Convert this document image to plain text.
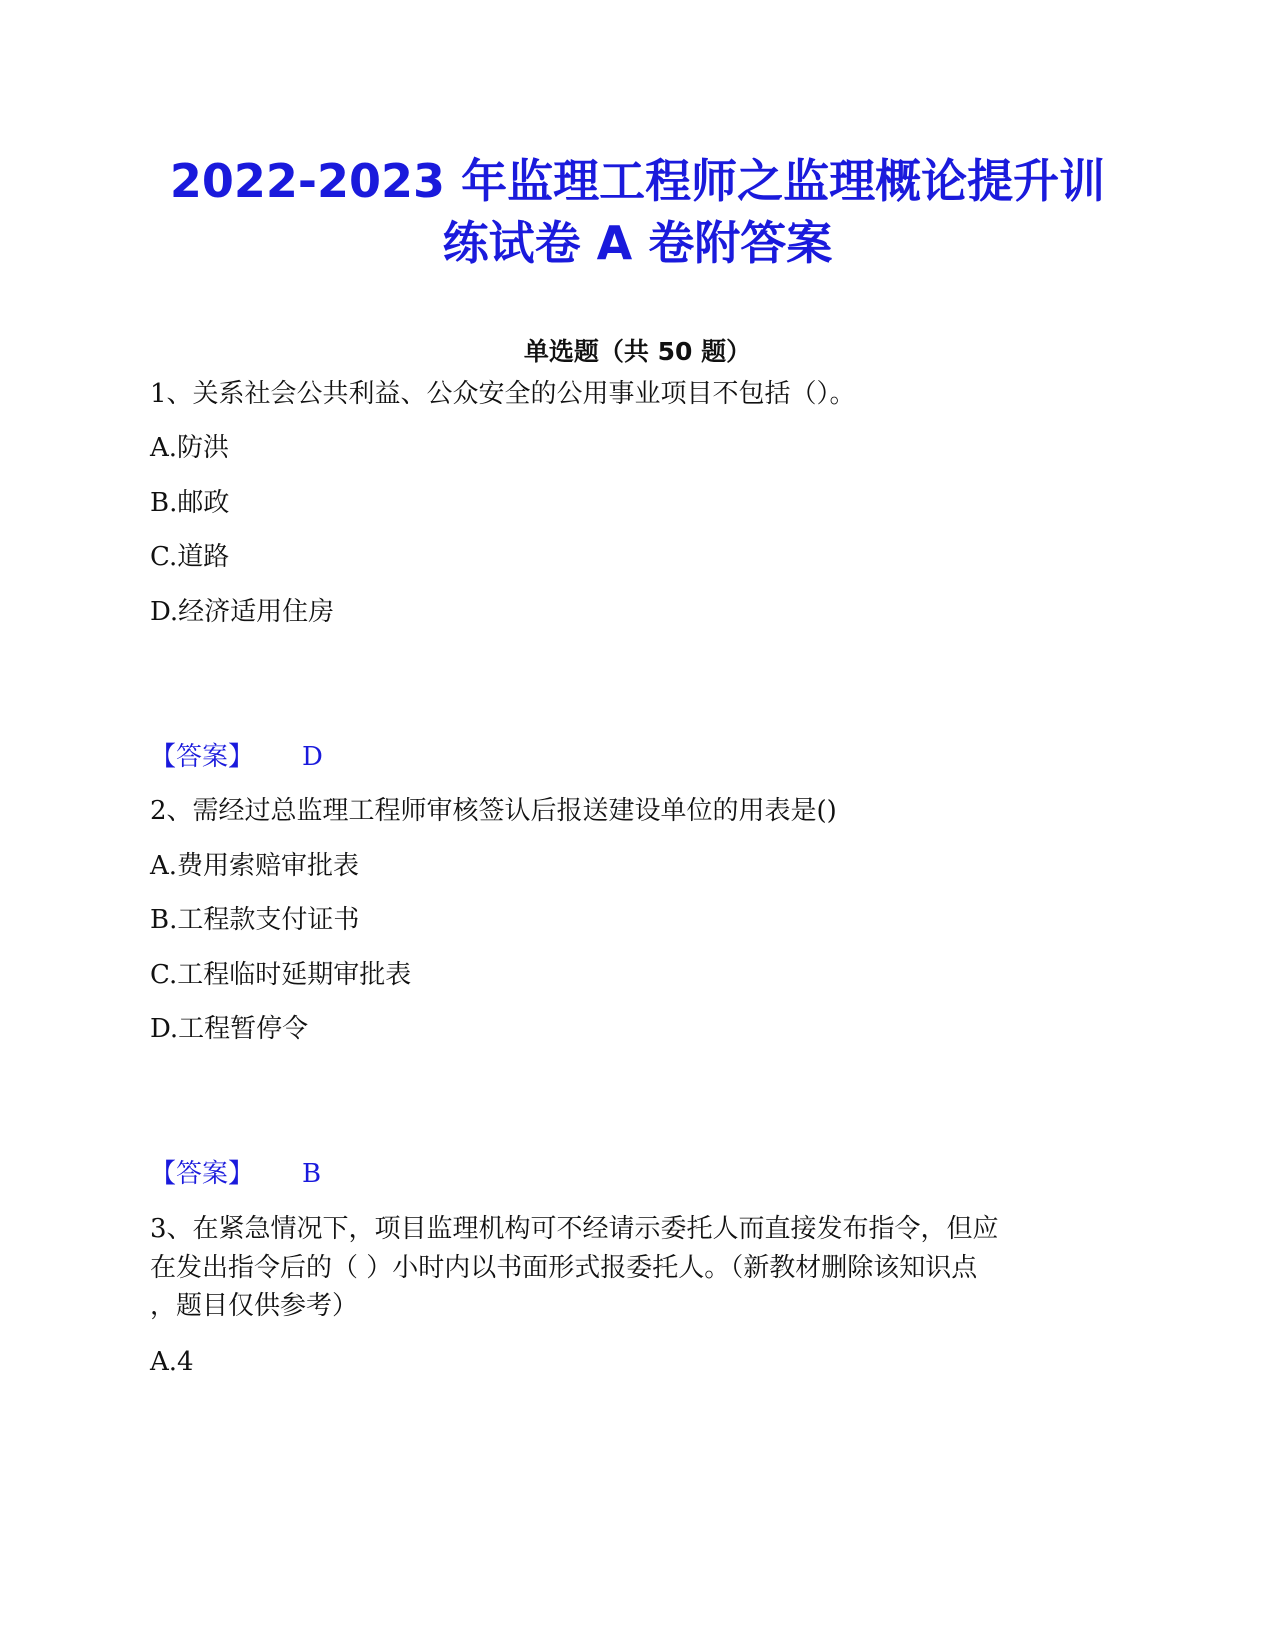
2022-2023 年监理工程师之监理概论提升训
练试卷 A 卷附答案
单选题（共 50 题）
1、关系社会公共利益、公众安全的公用事业项目不包括（）。
A.防洪
B.邮政
C.道路
D.经济适用住房
【答案】 D
2、需经过总监理工程师审核签认后报送建设单位的用表是()
A.费用索赔审批表
B.工程款支付证书
C.工程临时延期审批表
D.工程暂停令
【答案】 B
3、在紧急情况下，项目监理机构可不经请示委托人而直接发布指令，但应
在发出指令后的（ ）小时内以书面形式报委托人。（新教材删除该知识点
，题目仅供参考）
A.4
